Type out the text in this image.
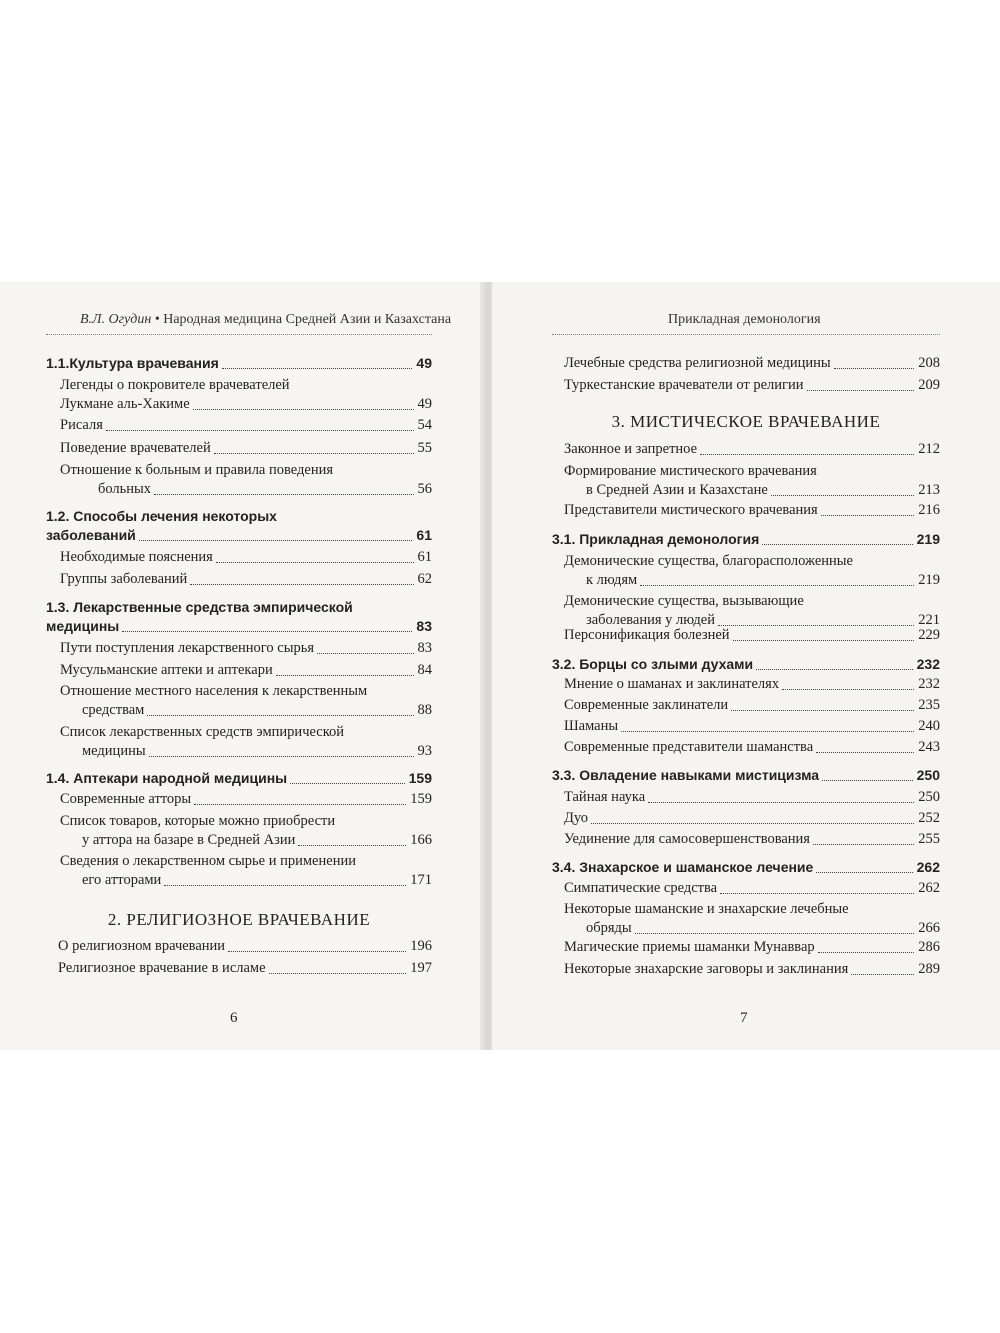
В.Л. Огудин • Народная медицина Средней Азии и Казахстана
1.1.Культура врачевания	49
Легенды о покровителе врачевателей
Лукмане аль-Хакиме	49
Рисаля	54
Поведение врачевателей	55
Отношение к больным и правила поведения
больных	56
1.2. Способы лечения некоторых
заболеваний	61
Необходимые пояснения	61
Группы заболеваний	62
1.3. Лекарственные средства эмпирической
медицины	83
Пути поступления лекарственного сырья	83
Мусульманские аптеки и аптекари	84
Отношение местного населения к лекарственным
средствам	88
Список лекарственных средств эмпирической
медицины	93
1.4. Аптекари народной медицины	159
Современные атторы	159
Список товаров, которые можно приобрести
у аттора на базаре в Средней Азии	166
Сведения о лекарственном сырье и применении
его атторами	171
2. РЕЛИГИОЗНОЕ ВРАЧЕВАНИЕ
О религиозном врачевании	196
Религиозное врачевание в исламе	197
6
Прикладная демонология
Лечебные средства религиозной медицины	208
Туркестанские врачеватели от религии	209
3. МИСТИЧЕСКОЕ ВРАЧЕВАНИЕ
Законное и запретное	212
Формирование мистического врачевания
в Средней Азии и Казахстане	213
Представители мистического врачевания	216
3.1. Прикладная демонология	219
Демонические существа, благорасположенные
к людям	219
Демонические существа, вызывающие
заболевания у людей	221
Персонификация болезней	229
3.2. Борцы со злыми духами	232
Мнение о шаманах и заклинателях	232
Современные заклинатели	235
Шаманы	240
Современные представители шаманства	243
3.3. Овладение навыками мистицизма	250
Тайная наука	250
Дуо	252
Уединение для самосовершенствования	255
3.4. Знахарское и шаманское лечение	262
Симпатические средства	262
Некоторые шаманские и знахарские лечебные
обряды	266
Магические приемы шаманки Мунаввар	286
Некоторые знахарские заговоры и заклинания	289
7
